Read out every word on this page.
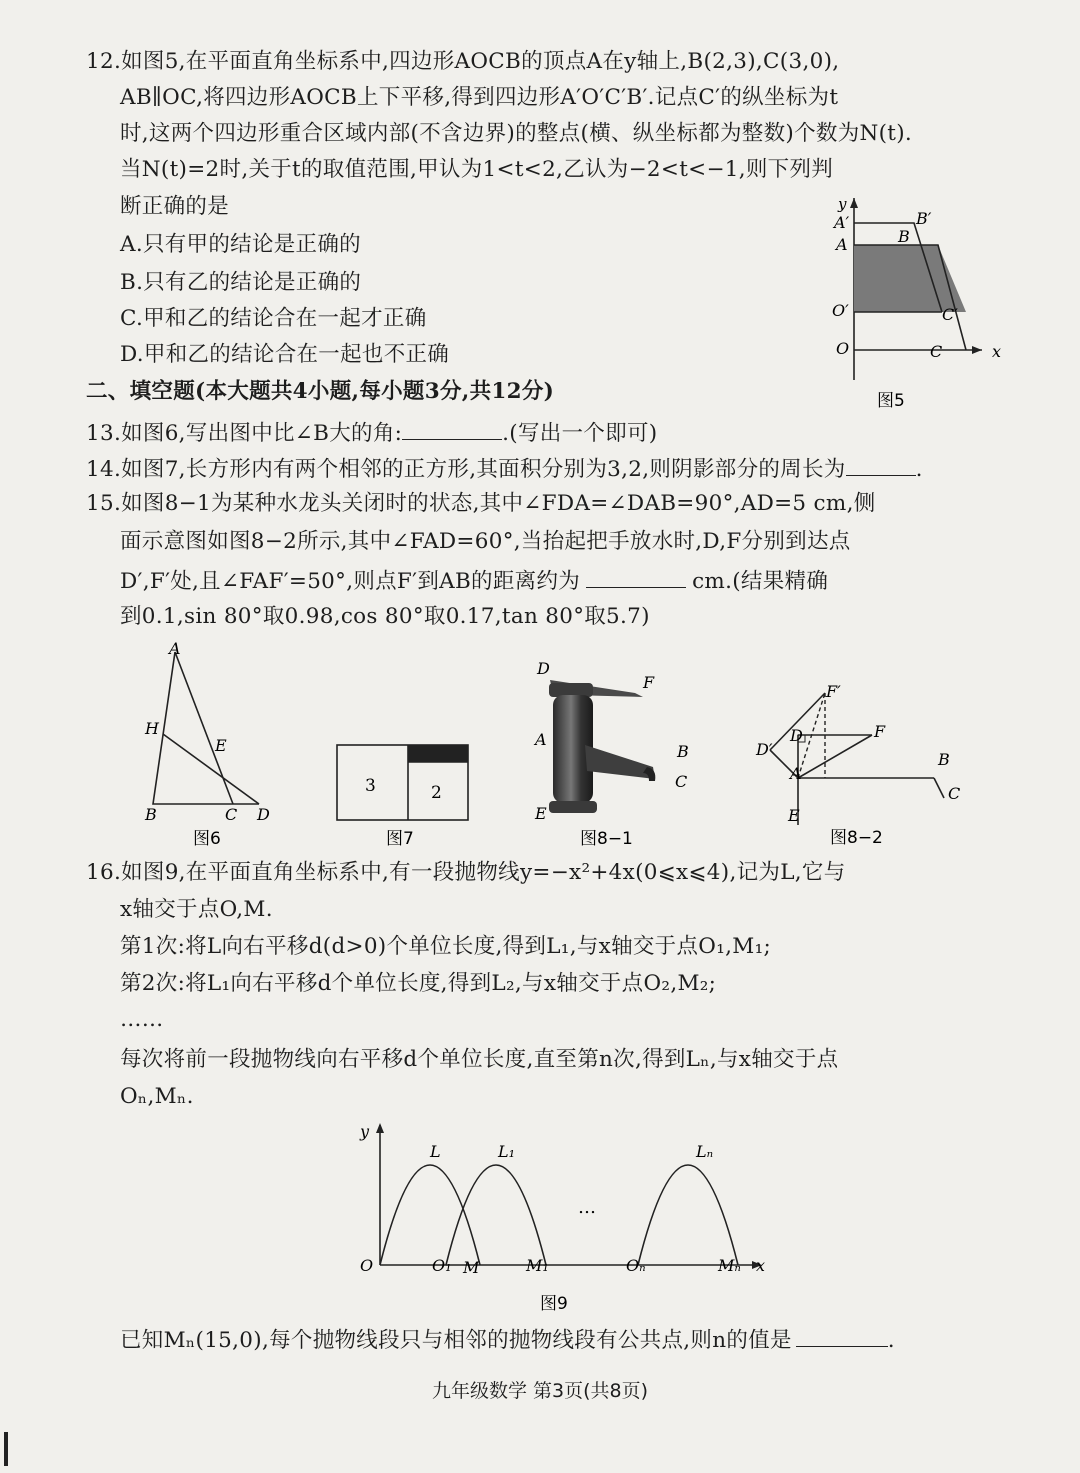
12.如图5,在平面直角坐标系中,四边形AOCB的顶点A在y轴上,B(2,3),C(3,0),
AB∥OC,将四边形AOCB上下平移,得到四边形A′O′C′B′.记点C′的纵坐标为t
时,这两个四边形重合区域内部(不含边界)的整点(横、纵坐标都为整数)个数为N(t).
当N(t)=2时,关于t的取值范围,甲认为1<t<2,乙认为−2<t<−1,则下列判
断正确的是
A.只有甲的结论是正确的
B.只有乙的结论是正确的
C.甲和乙的结论合在一起才正确
D.甲和乙的结论合在一起也不正确
y
x
A′	B′
A	B
O′	C′
O	C
图5
二、填空题(本大题共4小题,每小题3分,共12分)
13.如图6,写出图中比∠B大的角:	.(写出一个即可)
14.如图7,长方形内有两个相邻的正方形,其面积分别为3,2,则阴影部分的周长为	.
15.如图8−1为某种水龙头关闭时的状态,其中∠FDA=∠DAB=90°,AD=5 cm,侧
面示意图如图8−2所示,其中∠FAD=60°,当抬起把手放水时,D,F分别到达点
D′,F′处,且∠FAF′=50°,则点F′到AB的距离约为	cm.(结果精确
到0.1,sin 80°取0.98,cos 80°取0.17,tan 80°取5.7)
A
H
E
B	C D
图6
3	2
图7
D
F
A
B
C
E
图8−1
F′
D	F
D′
A
B
C
E
图8−2
16.如图9,在平面直角坐标系中,有一段抛物线y=−x²+4x(0⩽x⩽4),记为L,它与
x轴交于点O,M.
第1次:将L向右平移d(d>0)个单位长度,得到L₁,与x轴交于点O₁,M₁;
第2次:将L₁向右平移d个单位长度,得到L₂,与x轴交于点O₂,M₂;
……
每次将前一段抛物线向右平移d个单位长度,直至第n次,得到Lₙ,与x轴交于点
Oₙ,Mₙ.
L	L₁	Lₙ
y
…
O	O₁ M	M₁	Oₙ	Mₙ x
图9
已知Mₙ(15,0),每个抛物线段只与相邻的抛物线段有公共点,则n的值是	.
九年级数学 第3页(共8页)
